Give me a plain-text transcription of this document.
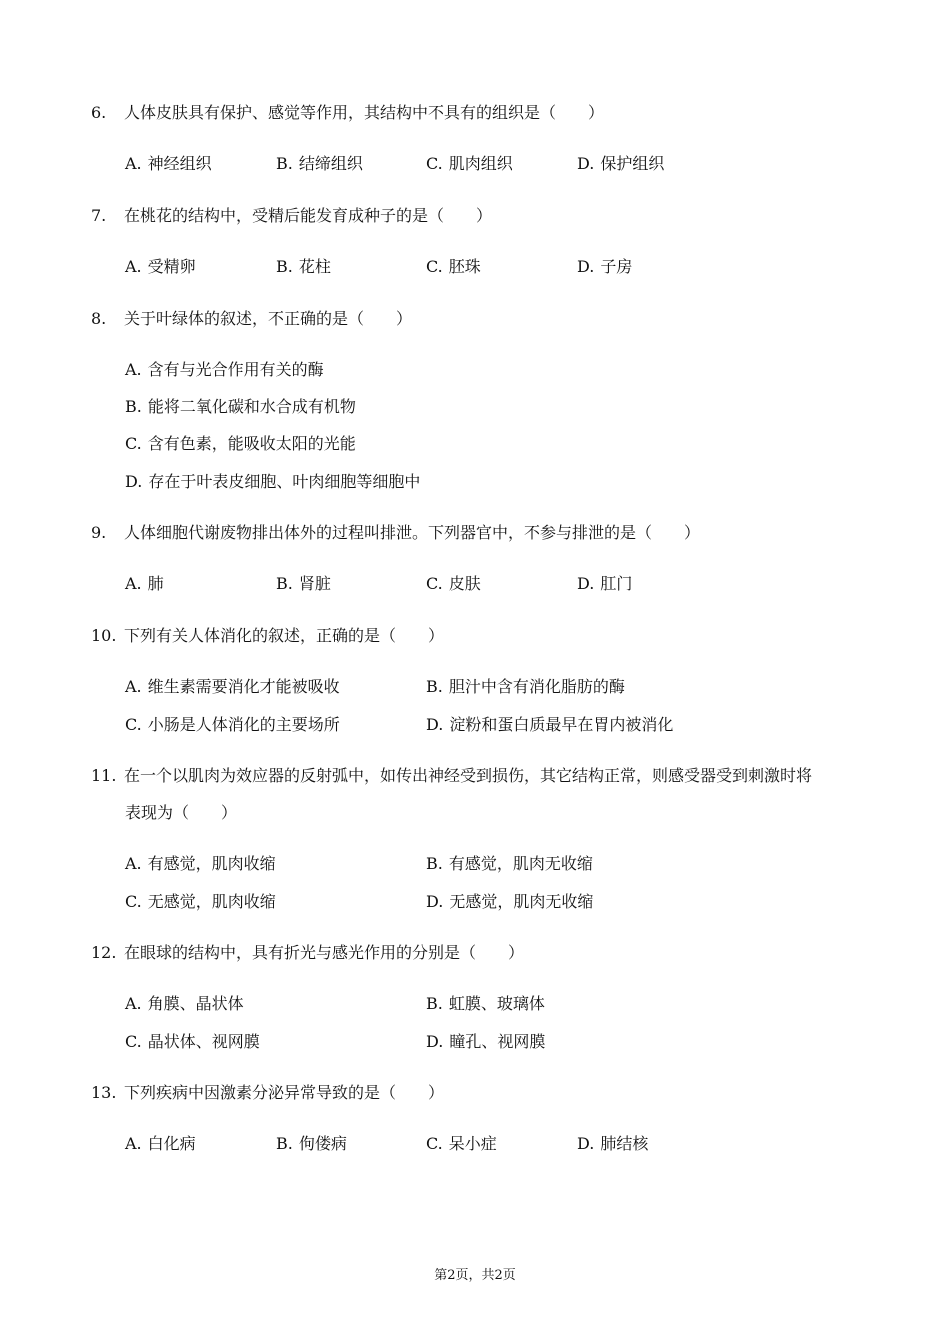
6. 人体皮肤具有保护、感觉等作用，其结构中不具有的组织是（　　）
A. 神经组织	B. 结缔组织	C. 肌肉组织	D. 保护组织
7. 在桃花的结构中，受精后能发育成种子的是（　　）
A. 受精卵	B. 花柱	C. 胚珠	D. 子房
8. 关于叶绿体的叙述，不正确的是（　　）
A. 含有与光合作用有关的酶
B. 能将二氧化碳和水合成有机物
C. 含有色素，能吸收太阳的光能
D. 存在于叶表皮细胞、叶肉细胞等细胞中
9. 人体细胞代谢废物排出体外的过程叫排泄。下列器官中，不参与排泄的是（　　）
A. 肺	B. 肾脏	C. 皮肤	D. 肛门
10. 下列有关人体消化的叙述，正确的是（　　）
A. 维生素需要消化才能被吸收	B. 胆汁中含有消化脂肪的酶
C. 小肠是人体消化的主要场所	D. 淀粉和蛋白质最早在胃内被消化
11. 在一个以肌肉为效应器的反射弧中，如传出神经受到损伤，其它结构正常，则感受器受到刺激时将
表现为（　　）
A. 有感觉，肌肉收缩	B. 有感觉，肌肉无收缩
C. 无感觉，肌肉收缩	D. 无感觉，肌肉无收缩
12. 在眼球的结构中，具有折光与感光作用的分别是（　　）
A. 角膜、晶状体	B. 虹膜、玻璃体
C. 晶状体、视网膜	D. 瞳孔、视网膜
13. 下列疾病中因激素分泌异常导致的是（　　）
A. 白化病	B. 佝偻病	C. 呆小症	D. 肺结核
第2页，共2页
